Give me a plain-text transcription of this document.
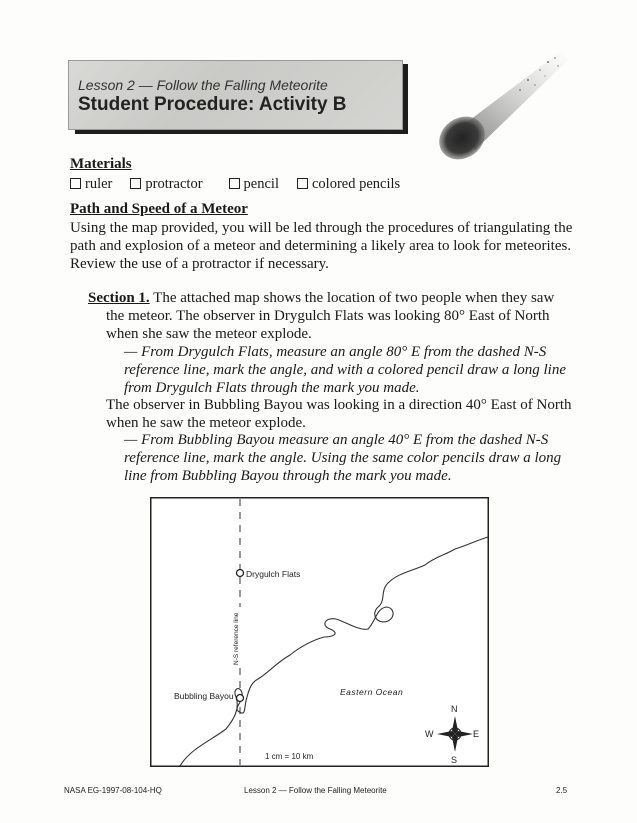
Lesson 2 — Follow the Falling Meteorite
Student Procedure: Activity B
Materials
ruler protractor	pencil colored pencils
Path and Speed of a Meteor
Using the map provided, you will be led through the procedures of triangulating the
path and explosion of a meteor and determining a likely area to look for meteorites.
Review the use of a protractor if necessary.
Section 1. The attached map shows the location of two people when they saw
the meteor. The observer in Drygulch Flats was looking 80° East of North
when she saw the meteor explode.
— From Drygulch Flats, measure an angle 80° E from the dashed N-S
reference line, mark the angle, and with a colored pencil draw a long line
from Drygulch Flats through the mark you made.
The observer in Bubbling Bayou was looking in a direction 40° East of North
when he saw the meteor explode.
— From Bubbling Bayou measure an angle 40° E from the dashed N-S
reference line, mark the angle. Using the same color pencils draw a long
line from Bubbling Bayou through the mark you made.
Drygulch Flats
Bubbling Bayou
N-S reference line
Eastern Ocean
1 cm = 10 km
N
S
E
W
NASA EG-1997-08-104-HQ	Lesson 2 — Follow the Falling Meteorite	2.5
